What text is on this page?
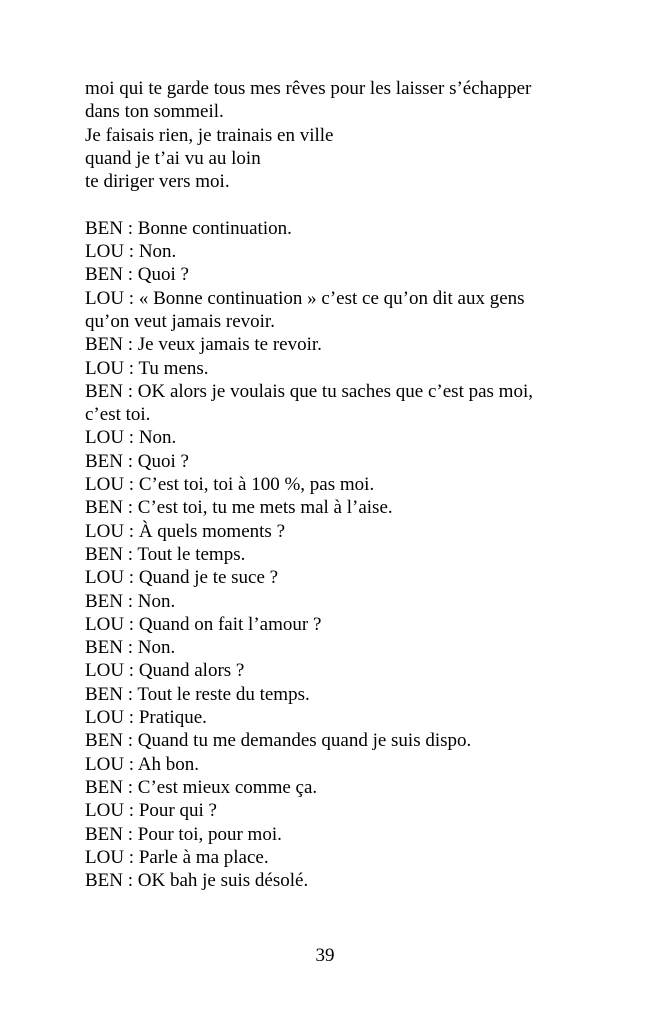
moi qui te garde tous mes rêves pour les laisser s’échapper
dans ton sommeil.
Je faisais rien, je trainais en ville
quand je t’ai vu au loin
te diriger vers moi.
BEN : Bonne continuation.
LOU : Non.
BEN : Quoi ?
LOU : « Bonne continuation » c’est ce qu’on dit aux gens
qu’on veut jamais revoir.
BEN : Je veux jamais te revoir.
LOU : Tu mens.
BEN : OK alors je voulais que tu saches que c’est pas moi,
c’est toi.
LOU : Non.
BEN : Quoi ?
LOU : C’est toi, toi à 100 %, pas moi.
BEN : C’est toi, tu me mets mal à l’aise.
LOU : À quels moments ?
BEN : Tout le temps.
LOU : Quand je te suce ?
BEN : Non.
LOU : Quand on fait l’amour ?
BEN : Non.
LOU : Quand alors ?
BEN : Tout le reste du temps.
LOU : Pratique.
BEN : Quand tu me demandes quand je suis dispo.
LOU : Ah bon.
BEN : C’est mieux comme ça.
LOU : Pour qui ?
BEN : Pour toi, pour moi.
LOU : Parle à ma place.
BEN : OK bah je suis désolé.
39
